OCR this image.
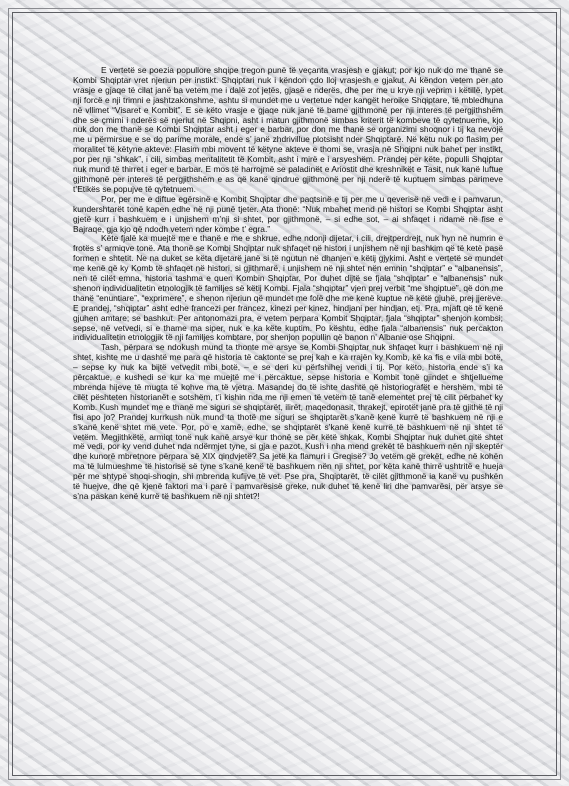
E vertetë se poezia popullore shqipe tregon punë të veçanta vrasjesh e gjakut; por kjo nuk do me thanë se Kombi Shqiptar vret njeriun per instikt. Shqiptari nuk i këndon çdo lloj vrasjesh e gjakut. Ai këndon vetem per ato vrasje e gjaqe të cilat janë ba vetem me i dalë zot jetës, gjasë e nderës, dhe per me u krye nji veprim i këtillë, lypet nji forcë e nji trimni e jashtzakonshme, ashtu si mundet me u vertetue nder kangët heroike Shqiptare, të mbledhuna në vllimet “Visaret e Kombit”. E se këto vrasje e gjaqe nuk janë të bame gjithmonë per nji interes të pergjithshëm dhe se çmimi i nderës së njeriut në Shqipni, asht i matun gjithmonë simbas kriterit të kombeve të qytetnueme, kjo nuk don me thanë se Kombi Shqiptar asht i eger e barbar, por don me thanë se organizimi shoqnor i tij ka nevojë me u përmirsue e se do parime morale, ende s’ janë zhdrivillue plotsisht nder Shqiptarë. Në këtu nuk po flasim per moralitet të këtyne akteve: Flasim mbi movent të këtyne akteve e thomi se, vrasja në Shqipni nuk bahet per instikt, por per nji “shkak”, i cili, simbas mentalitetit të Kombit, asht i mirë e i arsyeshëm. Prandej per këte, populli Shqiptar nuk mund të thirret i eger e barbar. E mos të harrojmë se paladinët e Ariostit dhe kreshnikët e Tasit, nuk kanë luftue gjithmonë per interes të pergjithshëm e as që kanë qindrue gjithmonë per nji nderë të kuptuem simbas parimeve t’Etikës se popujve të qytetnuem.

Por, per me e diftue egërsinë e Kombit Shqiptar dhe paqtsinë e tij per me u qeverisë në vedi e i pamvarun, kundershtarët tonë kapen edhe në nji punë tjeter. Ata thonë: “Nuk mbahet mend në histori se Kombi Shqiptar asht gjetë kurr i bashkuem e i unjishem m’nji si shtet, por gjithmonë, – si edhe sot, – ai shfaqet i ndamë në fise e Bajraqe, gja kjo që ndodh vetem nder kombe t’ egra.”

Këte fjalë ka muejtë me e thanë e me e shkrue, edhe ndonji dijetar, i cili, drejtperdrejt, nuk hyn në numrin e frotës s’ armiqve tonë. Ata thonë se Kombi Shqiptar nuk shfaqet në histori i unjishem në nji bashkim që të ketë pasë formen e shtetit. Ne na duket se këta dijetarë janë si të ngutun në dhanjen e këtij gjykimi. Asht e vertetë se mundet me kenë që ky Komb të shfaqet në histori, si gjithmarë, i unjishem në nji shtet nën emnin “shqiptar” e “albanensis”, nen të cilët emna, historia tashma e quen Kombin Shqiptar. Por duhet dijtë se fjala “shqiptar” e “albanensis” nuk shenon individualitetin etnologjik të familjes së këtij Kombi. Fjala “shqiptar” vjen prej verbit “me shqiptue”, që don me thanë “enuntiare”, “exprimere”, e shenon njeriun që mundet me folë dhe me kenë kuptue në këtë gjuhë, prej jjerëve. E prandej, “shqiptar” asht edhe francezi per francez, kinezi per kinez, hindjani per hindjan, etj. Pra, mjaft që të kenë gjuhen amtare; se bashkut. Per antonomazi pra, e vetem perpara Kombit Shqiptar, fjala “shqiptar” shenjon kombsi; sepse, në vetvedi, si e thame ma siper, nuk e ka këte kuptim. Po kështu, edhe fjala “albanensis” nuk percakton individualitetin etnologjik të nji familjes kombtare, por shenjon popullin që banon n’ Albanie ose Shqipni.

Tash, përpara se ndokush mund ta thonte me arsye se Kombi Shqiptar nuk shfaqet kurr i bashkuem në nji shtet, kishte me u dashtë me para që historia të caktonte se prej kah e ka rrajën ky Komb, kë ka fis e vila mbi botë, – sepse ky nuk ka bijtë vetvedit mbi botë, – e se deri ku përfshihej vendi i tij. Por këto, historia ende s’i ka përcaktue, e kushedi se kur ka me muejtë me i përcaktue, sepse historia e Kombit tonë gjindet e shtjellueme mbrenda hijeve të mugta të kohve ma të vjetra. Masandej do të ishte dashtë që historiografët e hershëm, mbi të cilët pështeten historianët e sotshëm, t’i kishin nda me nji emen të vetëm të tanë elementet prej të cilit përbahet ky Komb. Kush mundet me e thanë me siguri se shqiptarët, ilirët, maqedonasit, thrakejt, epirotët janë pra të gjithë të nji fisi apo jo? Prandej kurrkush nuk mund ta thotë me siguri se shqiptarët s’kanë kenë kurrë të bashkuem në nji e s’kanë kenë shtet më vete. Por, po e xamë, edhe, se shqiptarët s’kanë kenë kurrë të bashkuem në nji shtet të vetëm. Megjithkëtë, armiqt tonë nuk kanë arsye kur thonë se për këtë shkak, Kombi Shqiptar nuk duhet qitë shtet më vedi, por ky vend duhet nda ndërmjet tyne, si gja e pazot. Kush i nha mend grekët të bashkuem nën nji skeptër dhe kunorë mbretnore përpara së XIX qindvjetë? Sa jetë ka flamuri i Greqisë? Jo vetëm që grekët, edhe në kohën ma të lulmueshme të historisë së tyne s’kanë kenë të bashkuem nën nji shtet, por këta kanë thirrë ushtritë e hueja për me shtypë shoqi-shoqin, shi mbrenda kufijve të vet. Pse pra, Shqiptarët, të cilët gjithmonë ia kanë vu pushkën të huejve, dhe që kjenë faktori ma i parë i pamvarësisë greke, nuk duhet të kenë liri dhe pamvarësi, për arsye se s’na paskan kenë kurrë të bashkuem në nji shtet?!
